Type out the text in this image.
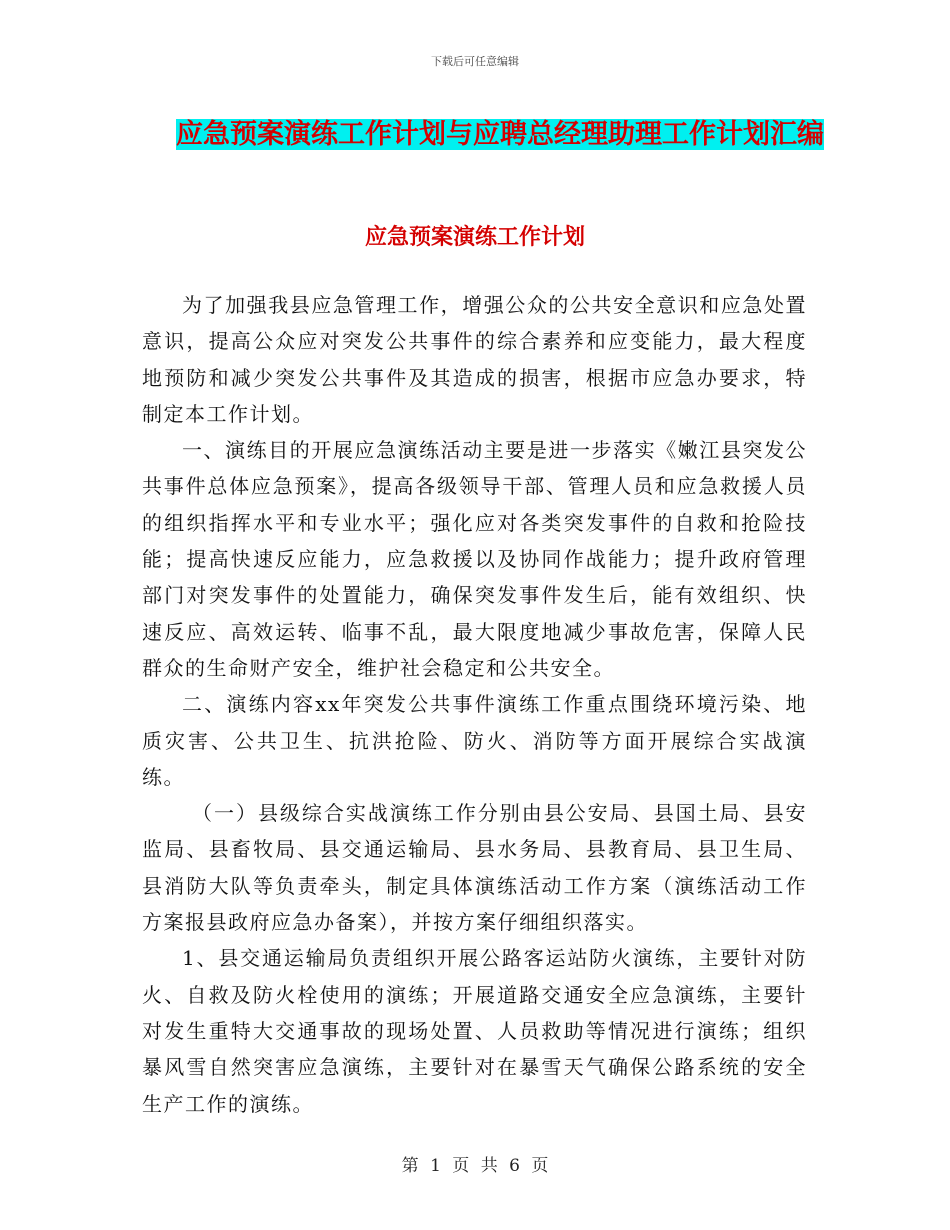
下载后可任意编辑
应急预案演练工作计划与应聘总经理助理工作计划汇编
应急预案演练工作计划

为了加强我县应急管理工作，增强公众的公共安全意识和应急处置意识，提高公众应对突发公共事件的综合素养和应变能力，最大程度地预防和减少突发公共事件及其造成的损害，根据市应急办要求，特制定本工作计划。

一、演练目的开展应急演练活动主要是进一步落实《嫩江县突发公共事件总体应急预案》，提高各级领导干部、管理人员和应急救援人员的组织指挥水平和专业水平；强化应对各类突发事件的自救和抢险技能；提高快速反应能力，应急救援以及协同作战能力；提升政府管理部门对突发事件的处置能力，确保突发事件发生后，能有效组织、快速反应、高效运转、临事不乱，最大限度地减少事故危害，保障人民群众的生命财产安全，维护社会稳定和公共安全。

二、演练内容xx年突发公共事件演练工作重点围绕环境污染、地质灾害、公共卫生、抗洪抢险、防火、消防等方面开展综合实战演练。

（一）县级综合实战演练工作分别由县公安局、县国土局、县安监局、县畜牧局、县交通运输局、县水务局、县教育局、县卫生局、县消防大队等负责牵头，制定具体演练活动工作方案（演练活动工作方案报县政府应急办备案），并按方案仔细组织落实。

1、县交通运输局负责组织开展公路客运站防火演练，主要针对防火、自救及防火栓使用的演练；开展道路交通安全应急演练，主要针对发生重特大交通事故的现场处置、人员救助等情况进行演练；组织暴风雪自然突害应急演练，主要针对在暴雪天气确保公路系统的安全生产工作的演练。

第 1 页 共 6 页
